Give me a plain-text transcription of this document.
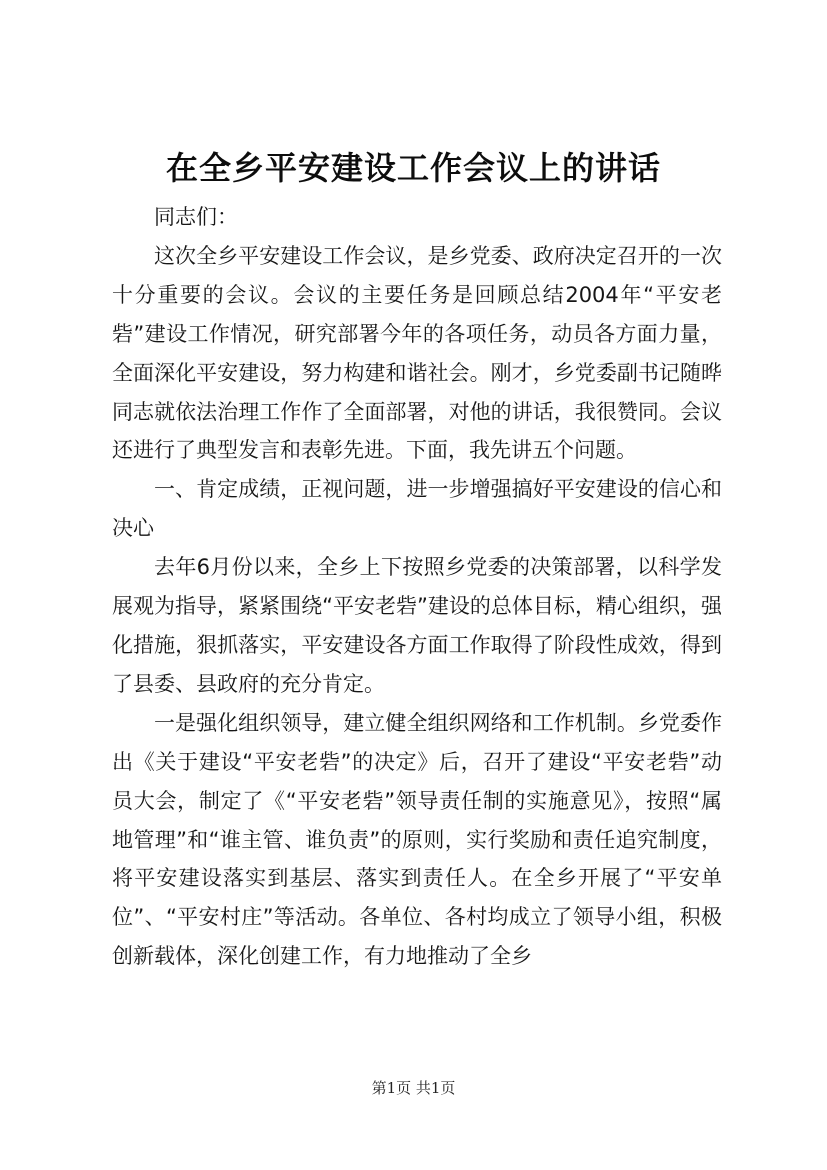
在全乡平安建设工作会议上的讲话

同志们：

这次全乡平安建设工作会议，是乡党委、政府决定召开的一次十分重要的会议。会议的主要任务是回顾总结2004年“平安老砦”建设工作情况，研究部署今年的各项任务，动员各方面力量，全面深化平安建设，努力构建和谐社会。刚才，乡党委副书记随晔同志就依法治理工作作了全面部署，对他的讲话，我很赞同。会议还进行了典型发言和表彰先进。下面，我先讲五个问题。

一、肯定成绩，正视问题，进一步增强搞好平安建设的信心和决心

去年6月份以来，全乡上下按照乡党委的决策部署，以科学发展观为指导，紧紧围绕“平安老砦”建设的总体目标，精心组织，强化措施，狠抓落实，平安建设各方面工作取得了阶段性成效，得到了县委、县政府的充分肯定。

一是强化组织领导，建立健全组织网络和工作机制。乡党委作出《关于建设“平安老砦”的决定》后，召开了建设“平安老砦”动员大会，制定了《“平安老砦”领导责任制的实施意见》，按照“属地管理”和“谁主管、谁负责”的原则，实行奖励和责任追究制度，将平安建设落实到基层、落实到责任人。在全乡开展了“平安单位”、“平安村庄”等活动。各单位、各村均成立了领导小组，积极创新载体，深化创建工作，有力地推动了全乡

第1页 共1页
